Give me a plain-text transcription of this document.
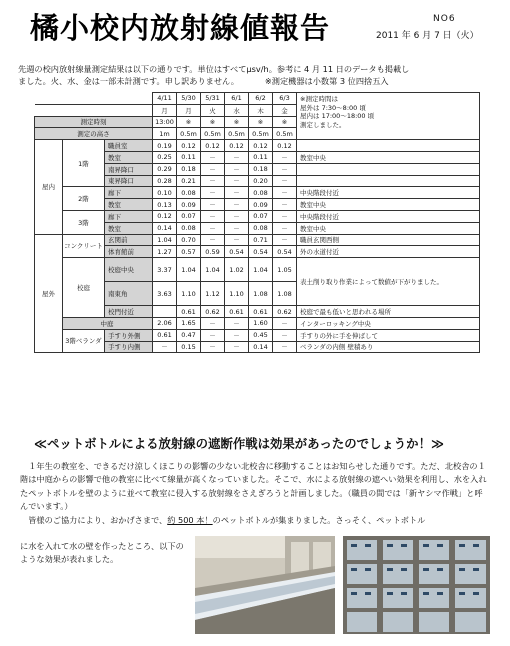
橘小校内放射線値報告	NO6
2011 年 6 月 7 日（火）
先週の校内放射線量測定結果は以下の通りです。単位はすべてμsv/h。参考に 4 月 11 日のデータも掲載し
ました。火、水、金は一部未計測です。申し訳ありません。	※測定機器は小数第 3 位四捨五入
			4/11	5/30	5/31	6/1	6/2	6/3	※測定時間は
屋外は 7:30～8:00 頃
屋内は 17:00～18:00 頃
測定しました。
			月	月	火	水	木	金	
測定時刻			13:00	※	※	※	※	※	
測定の高さ			1m	0.5m	0.5m	0.5m	0.5m	0.5m	
屋内	1階	職員室	0.19	0.12	0.12	0.12	0.12	0.12	
		教室	0.25	0.11	－	－	0.11	－	教室中央
		南昇降口	0.29	0.18	－	－	0.18	－	
		東昇降口	0.28	0.21	－	－	0.20	－	
	2階	廊下	0.10	0.08	－	－	0.08	－	中央階段付近
		教室	0.13	0.09	－	－	0.09	－	教室中央
	3階	廊下	0.12	0.07	－	－	0.07	－	中央階段付近
		教室	0.14	0.08	－	－	0.08	－	教室中央
屋外	コンクリート	玄関前	1.04	0.70	－	－	0.71	－	職員玄関西側
		体育館前	1.27	0.57	0.59	0.54	0.54	0.54	外の水道付近
	校庭	校庭中央	3.37	1.04	1.04	1.02	1.04	1.05	表土削り取り作業によって数値が下がりました。
		南東角	3.63	1.10	1.12	1.10	1.08	1.08	
		校門付近		0.61	0.62	0.61	0.61	0.62	校庭で最も低いと思われる場所
	中庭		2.06	1.65	－	－	1.60	－	インターロッキング中央
	3階ベランダ	手すり外側	0.61	0.47	－	－	0.45	－	手すりの外に手を伸ばして
		手すり内側	－	0.15	－	－	0.14	－	ベランダの内側 壁積あり
≪ペットボトルによる放射線の遮断作戦は効果があったのでしょうか！≫

１年生の教室を、できるだけ涼しくほこりの影響の少ない北校舎に移動することはお知らせした通りです。ただ、北校舎の１階は中庭からの影響で他の教室に比べて線量が高くなっていました。そこで、水による放射線の遮へい効果を利用し、水を入れたペットボトルを壁のように並べて教室に侵入する放射線をさえぎろうと計画しました。（職員の間では「新ヤシマ作戦」と呼んでいます。）

皆様のご協力により、おかげさまで、約 500 本！のペットボトルが集まりました。さっそく、ペットボトル

に水を入れて水の壁を作ったところ、以下のような効果が表れました。
